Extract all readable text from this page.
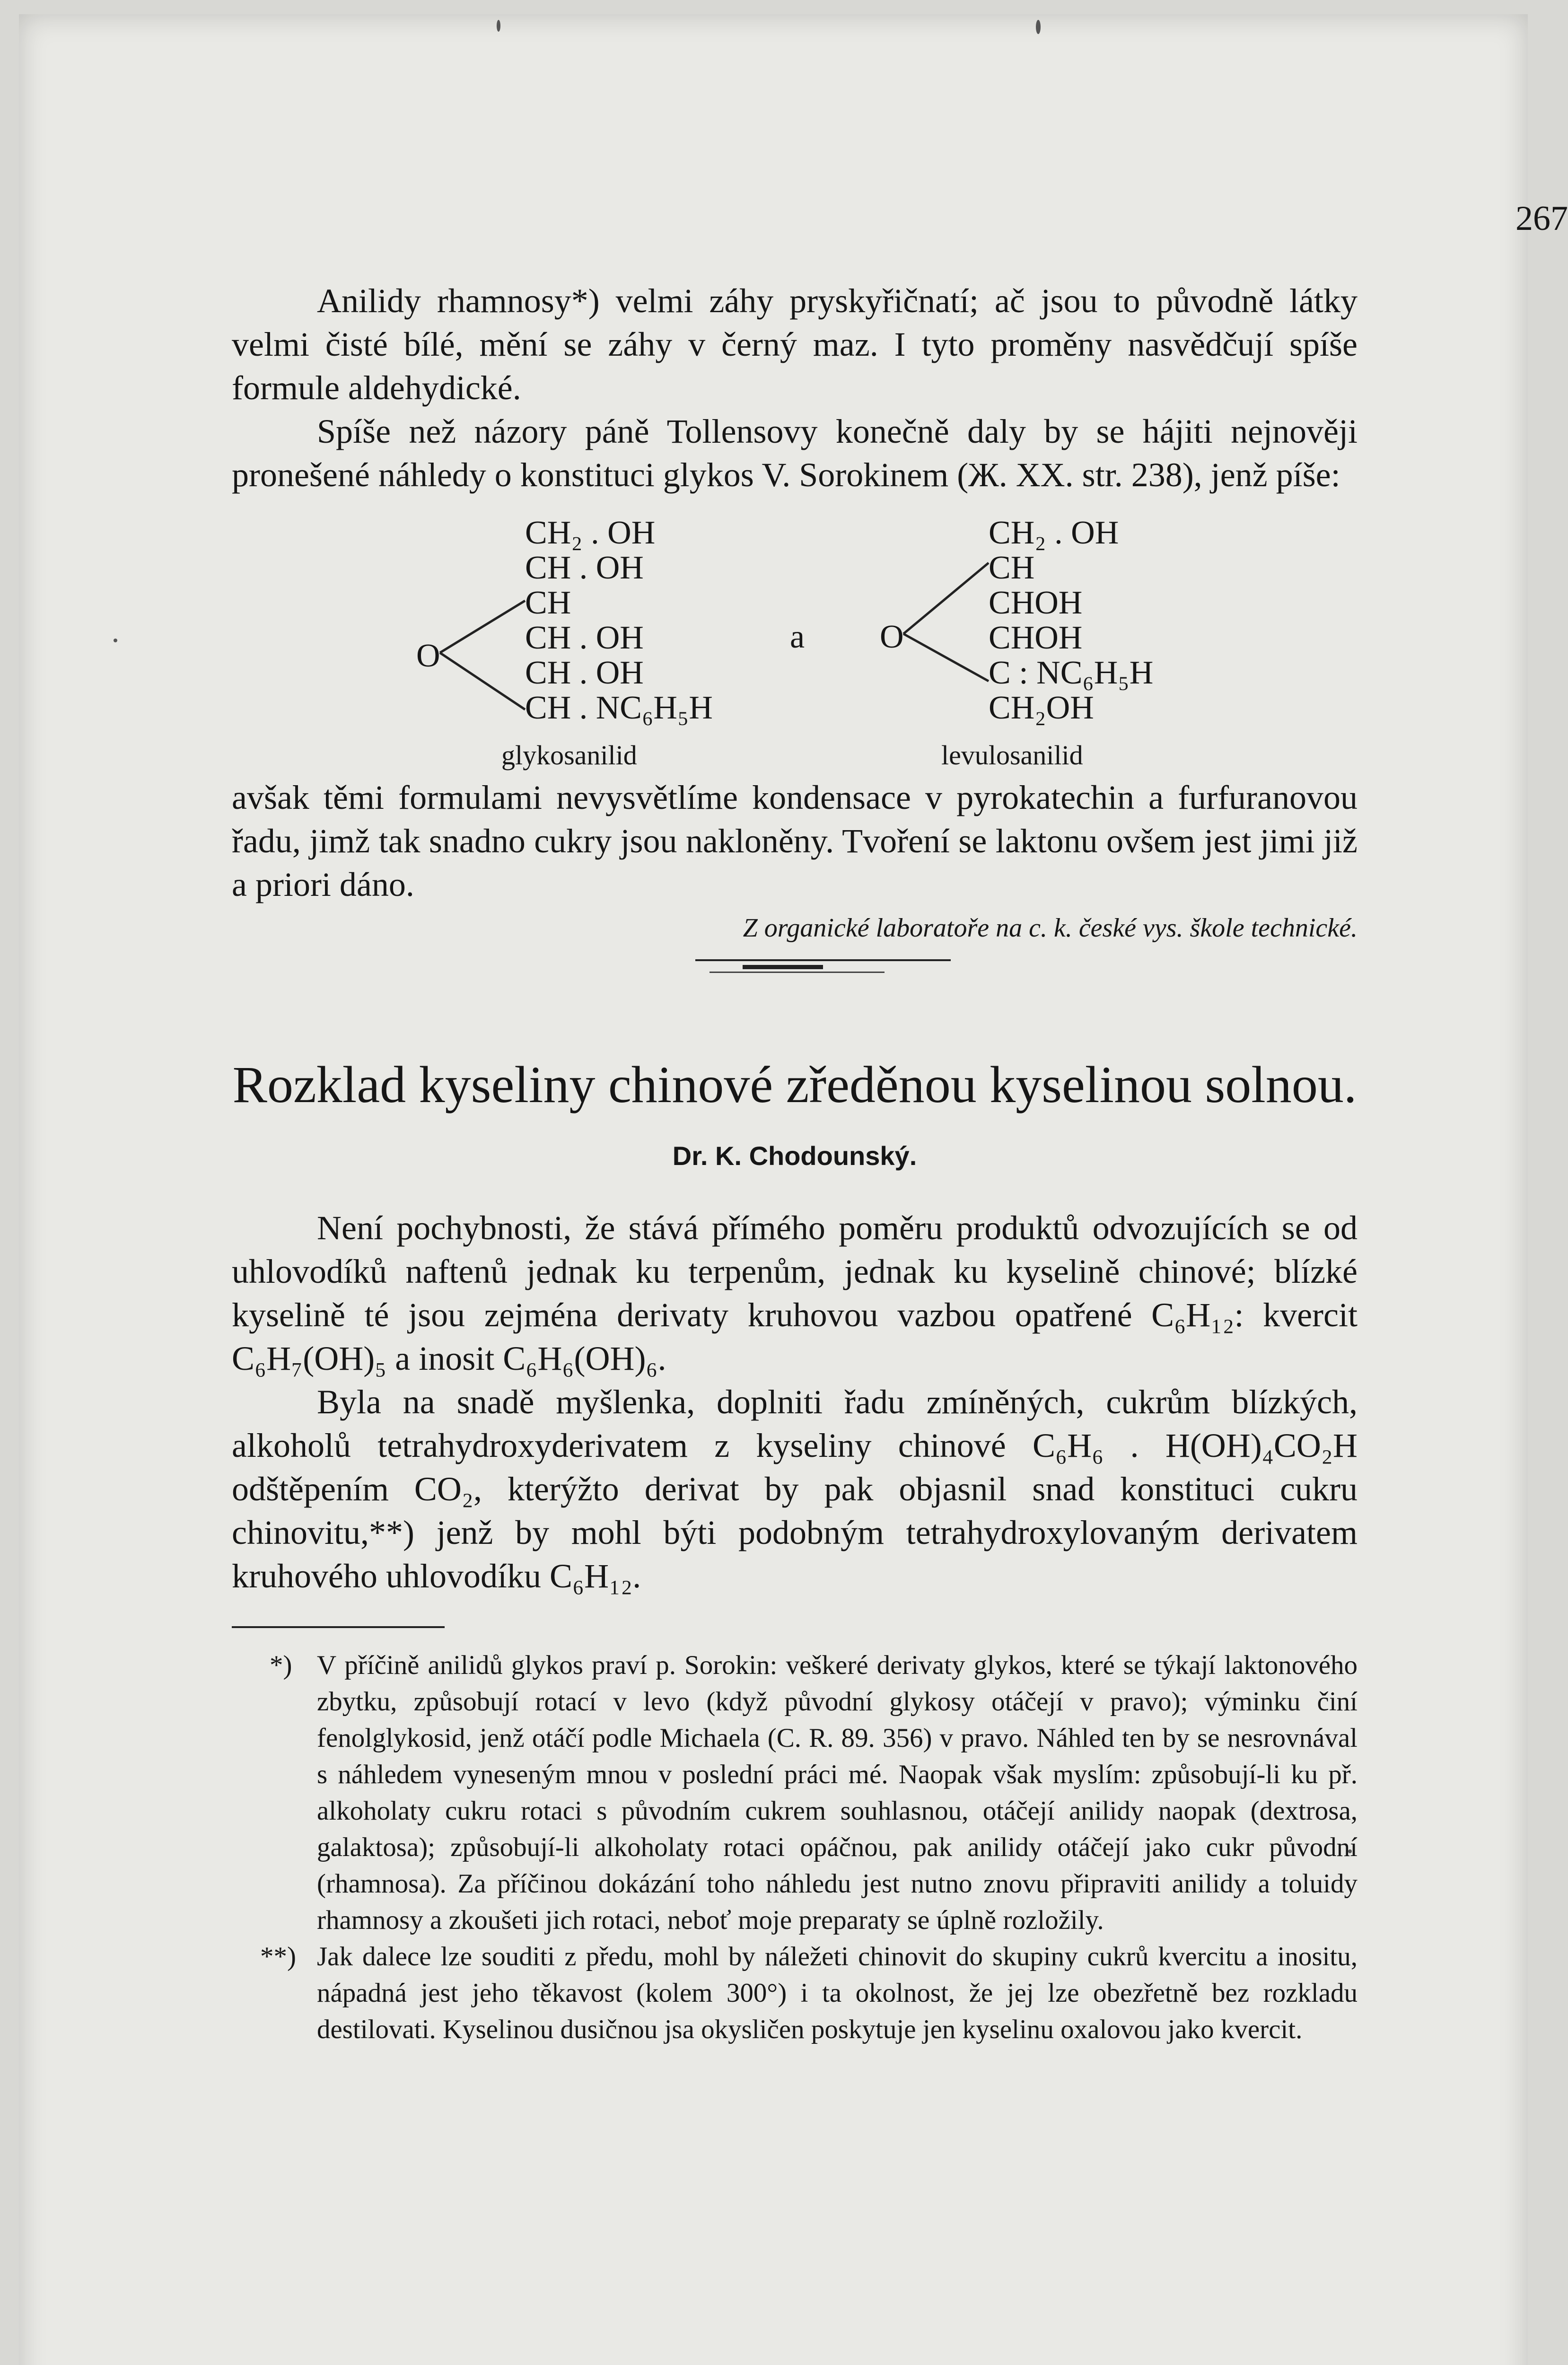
267

Anilidy rhamnosy*) velmi záhy pryskyřičnatí; ač jsou to původně látky velmi čisté bílé, mění se záhy v černý maz. I tyto proměny nasvědčují spíše formule aldehydické.

Spíše než názory páně Tollensovy konečně daly by se hájiti nejnověji pronešené náhledy o konstituci glykos V. Sorokinem (Ж. XX. str. 238), jenž píše:

CH₂ . OH
CH . OH
CH
CH . OH
CH . OH
CH . NC₆H₅H
O
glykosanilid
a
CH₂ . OH
CH
CHOH
CHOH
C : NC₆H₅H
CH₂OH
O
levulosanilid

avšak těmi formulami nevysvětlíme kondensace v pyrokatechin a furfuranovou řadu, jimž tak snadno cukry jsou nakloněny. Tvoření se laktonu ovšem jest jimi již a priori dáno.

Z organické laboratoře na c. k. české vys. škole technické.

Rozklad kyseliny chinové zředěnou kyselinou solnou.
Dr. K. Chodounský.

Není pochybnosti, že stává přímého poměru produktů odvozujících se od uhlovodíků naftenů jednak ku terpenům, jednak ku kyselině chinové; blízké kyselině té jsou zejména derivaty kruhovou vazbou opatřené C₆H₁₂: kvercit C₆H₇(OH)₅ a inosit C₆H₆(OH)₆.

Byla na snadě myšlenka, doplniti řadu zmíněných, cukrům blízkých, alkoholů tetrahydroxyderivatem z kyseliny chinové C₆H₆ . H(OH)₄CO₂H odštěpením CO₂, kterýžto derivat by pak objasnil snad konstituci cukru chinovitu,**) jenž by mohl býti podobným tetrahydroxylovaným derivatem kruhového uhlovodíku C₆H₁₂.

*) V příčině anilidů glykos praví p. Sorokin: veškeré derivaty glykos, které se týkají laktonového zbytku, způsobují rotací v levo (když původní glykosy otáčejí v pravo); výminku činí fenolglykosid, jenž otáčí podle Michaela (C. R. 89. 356) v pravo. Náhled ten by se nesrovnával s náhledem vyneseným mnou v poslední práci mé. Naopak však myslím: způsobují-li ku př. alkoholaty cukru rotaci s původním cukrem souhlasnou, otáčejí anilidy naopak (dextrosa, galaktosa); způsobují-li alkoholaty rotaci opáčnou, pak anilidy otáčejí jako cukr původní (rhamnosa). Za příčinou dokázání toho náhledu jest nutno znovu připraviti anilidy a toluidy rhamnosy a zkoušeti jich rotaci, neboť moje preparaty se úplně rozložily.

**) Jak dalece lze souditi z předu, mohl by náležeti chinovit do skupiny cukrů kvercitu a inositu, nápadná jest jeho těkavost (kolem 300°) i ta okolnost, že jej lze obezřetně bez rozkladu destilovati. Kyselinou dusičnou jsa okysličen poskytuje jen kyselinu oxalovou jako kvercit.
